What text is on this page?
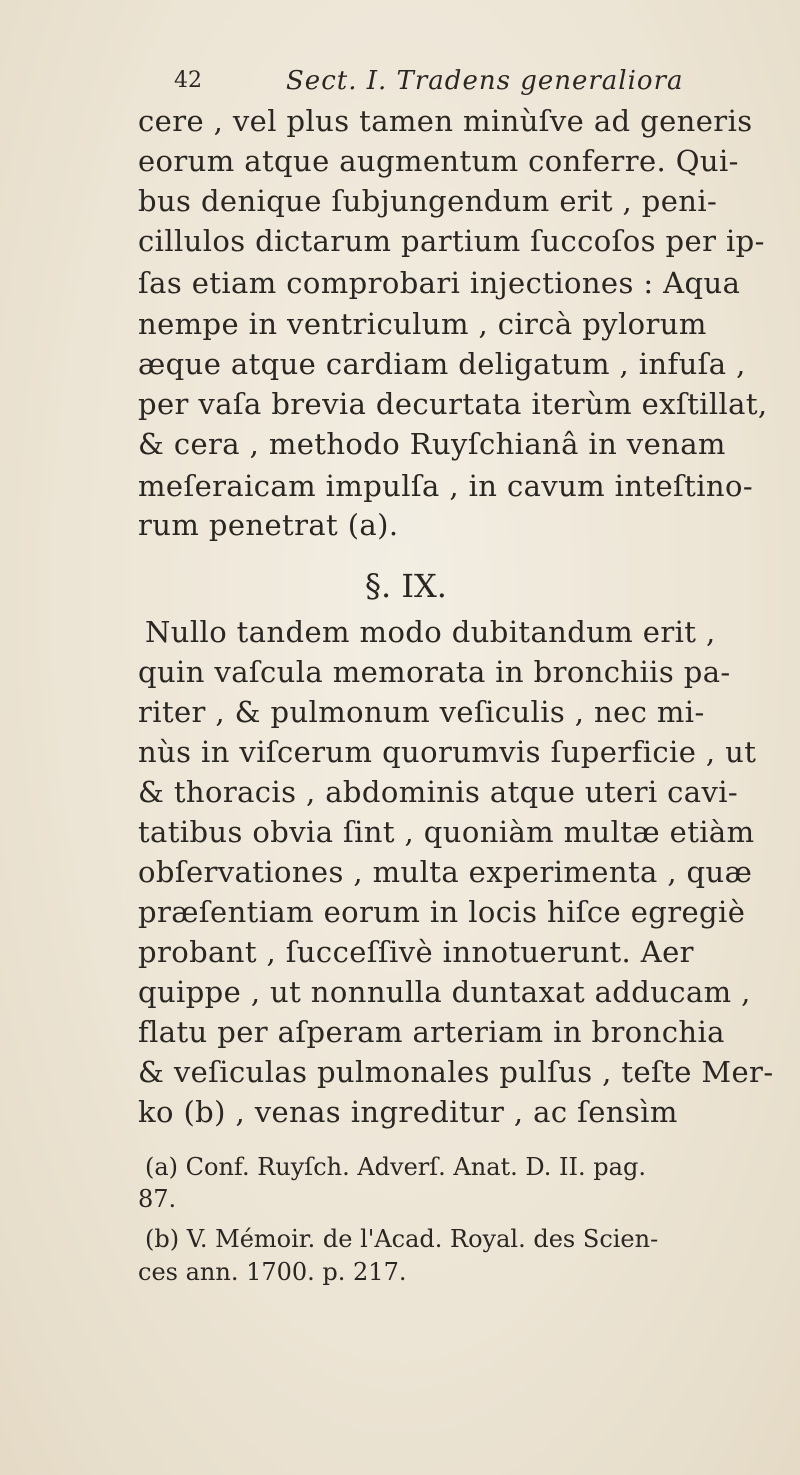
42	Sect. I. Tradens generaliora
cere , vel plus tamen minùſve ad generis
eorum atque augmentum conferre. Qui-
bus denique ſubjungendum erit , peni-
cillulos dictarum partium ſuccoſos per ip-
ſas etiam comprobari injectiones : Aqua
nempe in ventriculum , circà pylorum
æque atque cardiam deligatum , infuſa ,
per vaſa brevia decurtata iterùm exſtillat,
& cera , methodo Ruyſchianâ in venam
meſeraicam impulſa , in cavum inteſtino-
rum penetrat (a).
§. IX.
Nullo tandem modo dubitandum erit ,
quin vaſcula memorata in bronchiis pa-
riter , & pulmonum veſiculis , nec mi-
nùs in viſcerum quorumvis ſuperficie , ut
& thoracis , abdominis atque uteri cavi-
tatibus obvia ſint , quoniàm multæ etiàm
obſervationes , multa experimenta , quæ
præſentiam eorum in locis hiſce egregiè
probant , ſucceſſivè innotuerunt. Aer
quippe , ut nonnulla duntaxat adducam ,
flatu per aſperam arteriam in bronchia
& veſiculas pulmonales pulſus , teſte Mer-
ko (b) , venas ingreditur , ac ſensìm
(a) Conf. Ruyſch. Adverſ. Anat. D. II. pag.
87.
(b) V. Mémoir. de l'Acad. Royal. des Scien-
ces ann. 1700. p. 217.
